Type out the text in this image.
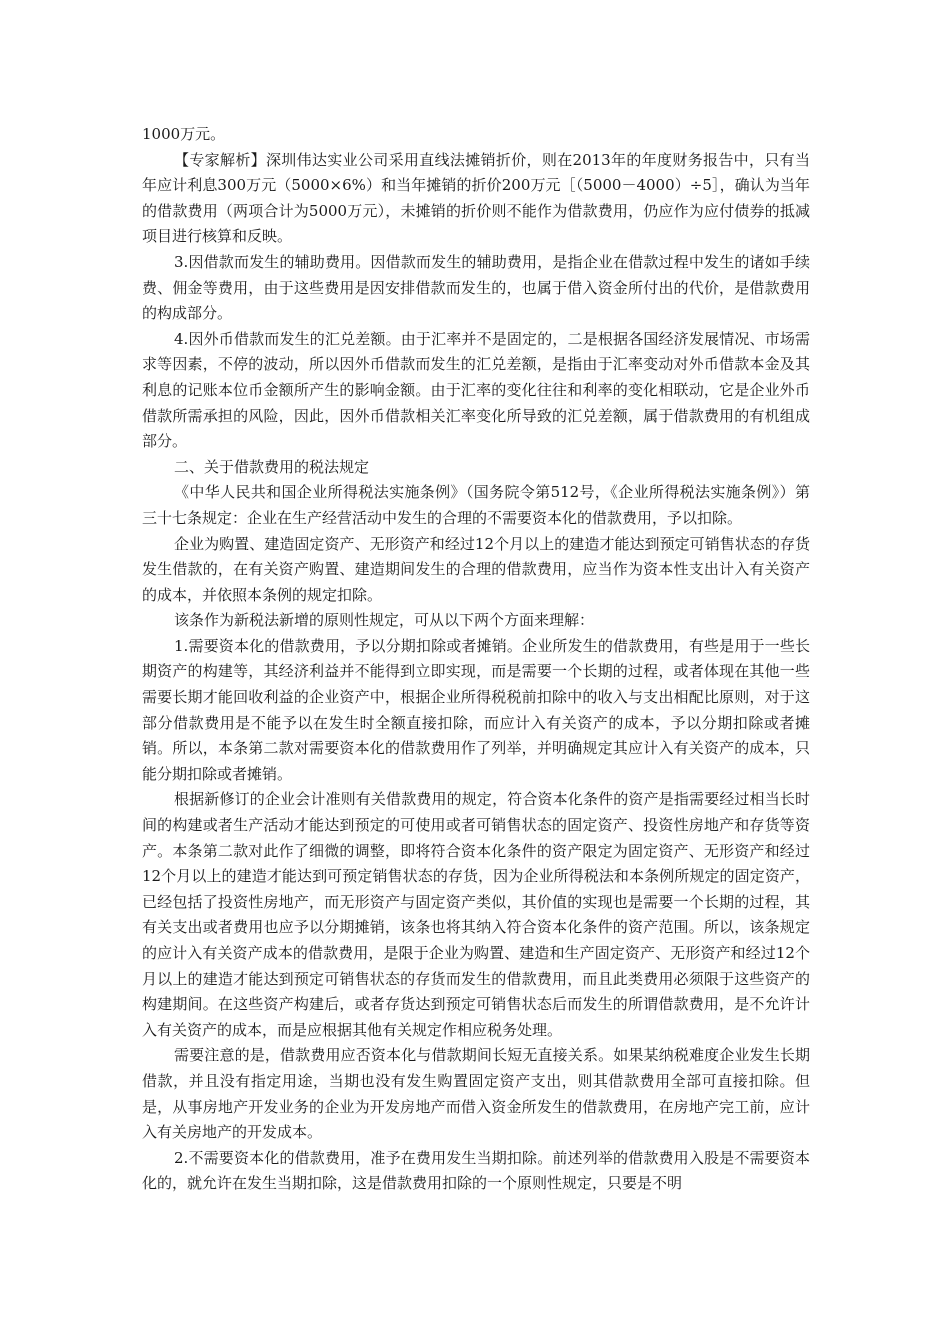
1000万元。

【专家解析】深圳伟达实业公司采用直线法摊销折价，则在2013年的年度财务报告中，只有当年应计利息300万元（5000×6%）和当年摊销的折价200万元［（5000－4000）÷5］，确认为当年的借款费用（两项合计为5000万元），未摊销的折价则不能作为借款费用，仍应作为应付债券的抵减项目进行核算和反映。

3.因借款而发生的辅助费用。因借款而发生的辅助费用，是指企业在借款过程中发生的诸如手续费、佣金等费用，由于这些费用是因安排借款而发生的，也属于借入资金所付出的代价，是借款费用的构成部分。

4.因外币借款而发生的汇兑差额。由于汇率并不是固定的，二是根据各国经济发展情况、市场需求等因素，不停的波动，所以因外币借款而发生的汇兑差额，是指由于汇率变动对外币借款本金及其利息的记账本位币金额所产生的影响金额。由于汇率的变化往往和利率的变化相联动，它是企业外币借款所需承担的风险，因此，因外币借款相关汇率变化所导致的汇兑差额，属于借款费用的有机组成部分。

二、关于借款费用的税法规定

《中华人民共和国企业所得税法实施条例》（国务院令第512号，《企业所得税法实施条例》）第三十七条规定：企业在生产经营活动中发生的合理的不需要资本化的借款费用，予以扣除。

企业为购置、建造固定资产、无形资产和经过12个月以上的建造才能达到预定可销售状态的存货发生借款的，在有关资产购置、建造期间发生的合理的借款费用，应当作为资本性支出计入有关资产的成本，并依照本条例的规定扣除。

该条作为新税法新增的原则性规定，可从以下两个方面来理解：

1.需要资本化的借款费用，予以分期扣除或者摊销。企业所发生的借款费用，有些是用于一些长期资产的构建等，其经济利益并不能得到立即实现，而是需要一个长期的过程，或者体现在其他一些需要长期才能回收利益的企业资产中，根据企业所得税税前扣除中的收入与支出相配比原则，对于这部分借款费用是不能予以在发生时全额直接扣除，而应计入有关资产的成本，予以分期扣除或者摊销。所以，本条第二款对需要资本化的借款费用作了列举，并明确规定其应计入有关资产的成本，只能分期扣除或者摊销。

根据新修订的企业会计准则有关借款费用的规定，符合资本化条件的资产是指需要经过相当长时间的构建或者生产活动才能达到预定的可使用或者可销售状态的固定资产、投资性房地产和存货等资产。本条第二款对此作了细微的调整，即将符合资本化条件的资产限定为固定资产、无形资产和经过12个月以上的建造才能达到可预定销售状态的存货，因为企业所得税法和本条例所规定的固定资产，已经包括了投资性房地产，而无形资产与固定资产类似，其价值的实现也是需要一个长期的过程，其有关支出或者费用也应予以分期摊销，该条也将其纳入符合资本化条件的资产范围。所以，该条规定的应计入有关资产成本的借款费用，是限于企业为购置、建造和生产固定资产、无形资产和经过12个月以上的建造才能达到预定可销售状态的存货而发生的借款费用，而且此类费用必须限于这些资产的构建期间。在这些资产构建后，或者存货达到预定可销售状态后而发生的所谓借款费用，是不允许计入有关资产的成本，而是应根据其他有关规定作相应税务处理。

需要注意的是，借款费用应否资本化与借款期间长短无直接关系。如果某纳税难度企业发生长期借款，并且没有指定用途，当期也没有发生购置固定资产支出，则其借款费用全部可直接扣除。但是，从事房地产开发业务的企业为开发房地产而借入资金所发生的借款费用，在房地产完工前，应计入有关房地产的开发成本。

2.不需要资本化的借款费用，准予在费用发生当期扣除。前述列举的借款费用入股是不需要资本化的，就允许在发生当期扣除，这是借款费用扣除的一个原则性规定，只要是不明
